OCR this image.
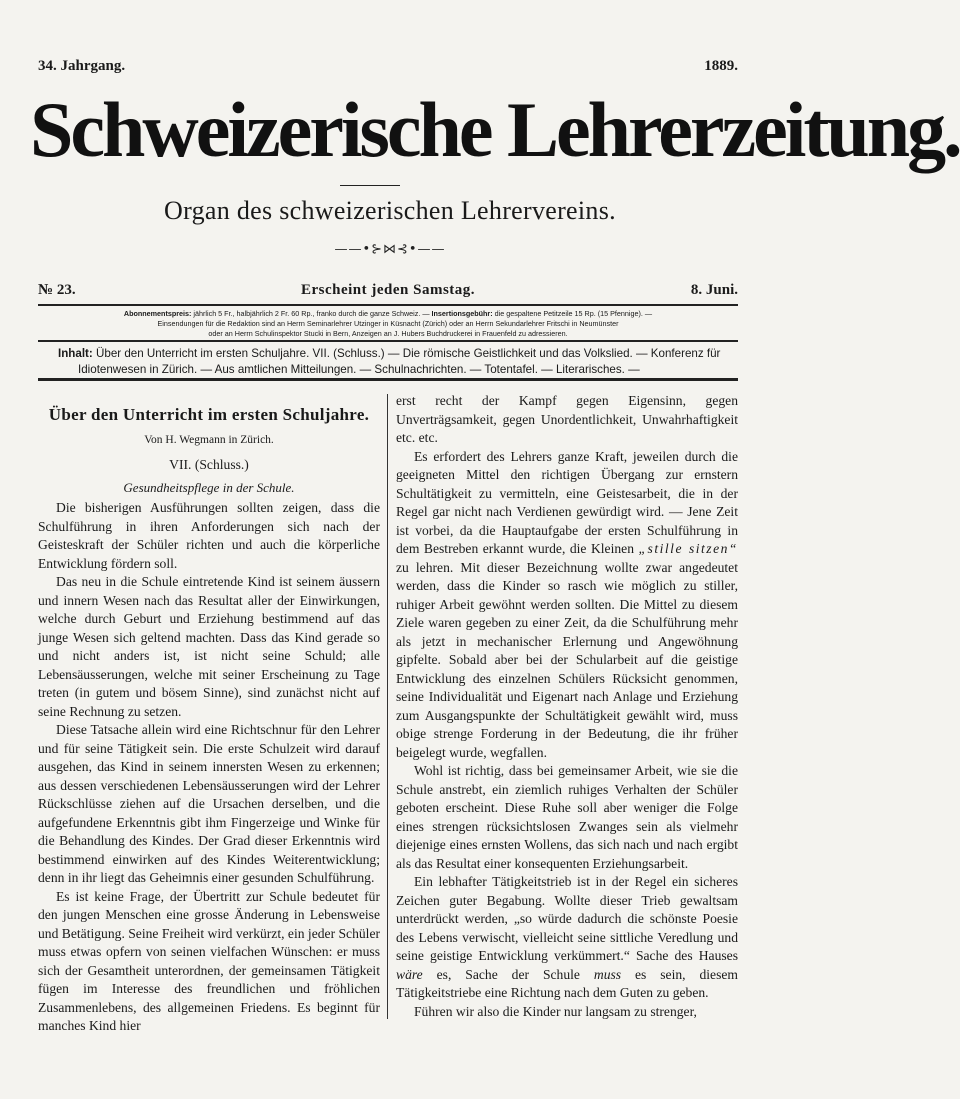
34. Jahrgang.	1889.
Schweizerische Lehrerzeitung.
Organ des schweizerischen Lehrervereins.
——•⊱⋈⊰•——
№ 23.	Erscheint jeden Samstag.	8. Juni.
Abonnementspreis: jährlich 5 Fr., halbjährlich 2 Fr. 60 Rp., franko durch die ganze Schweiz. — Insertionsgebühr: die gespaltene Petitzeile 15 Rp. (15 Pfennige). —
Einsendungen für die Redaktion sind an Herrn Seminarlehrer Utzinger in Küsnacht (Zürich) oder an Herrn Sekundarlehrer Fritschi in Neumünster
oder an Herrn Schulinspektor Stucki in Bern, Anzeigen an J. Hubers Buchdruckerei in Frauenfeld zu adressieren.
Inhalt: Über den Unterricht im ersten Schuljahre. VII. (Schluss.) — Die römische Geistlichkeit und das Volkslied. — Konferenz für Idiotenwesen in Zürich. — Aus amtlichen Mitteilungen. — Schulnachrichten. — Totentafel. — Literarisches. —
Über den Unterricht im ersten Schuljahre.
Von H. Wegmann in Zürich.
VII. (Schluss.)
Gesundheitspflege in der Schule.

Die bisherigen Ausführungen sollten zeigen, dass die Schulführung in ihren Anforderungen sich nach der Geisteskraft der Schüler richten und auch die körperliche Entwicklung fördern soll.

Das neu in die Schule eintretende Kind ist seinem äussern und innern Wesen nach das Resultat aller der Einwirkungen, welche durch Geburt und Erziehung bestimmend auf das junge Wesen sich geltend machten. Dass das Kind gerade so und nicht anders ist, ist nicht seine Schuld; alle Lebensäusserungen, welche mit seiner Erscheinung zu Tage treten (in gutem und bösem Sinne), sind zunächst nicht auf seine Rechnung zu setzen.

Diese Tatsache allein wird eine Richtschnur für den Lehrer und für seine Tätigkeit sein. Die erste Schulzeit wird darauf ausgehen, das Kind in seinem innersten Wesen zu erkennen; aus dessen verschiedenen Lebensäusserungen wird der Lehrer Rückschlüsse ziehen auf die Ursachen derselben, und die aufgefundene Erkenntnis gibt ihm Fingerzeige und Winke für die Behandlung des Kindes. Der Grad dieser Erkenntnis wird bestimmend einwirken auf des Kindes Weiterentwicklung; denn in ihr liegt das Geheimnis einer gesunden Schulführung.

Es ist keine Frage, der Übertritt zur Schule bedeutet für den jungen Menschen eine grosse Änderung in Lebensweise und Betätigung. Seine Freiheit wird verkürzt, ein jeder Schüler muss etwas opfern von seinen vielfachen Wünschen: er muss sich der Gesamtheit unterordnen, der gemeinsamen Tätigkeit fügen im Interesse des freundlichen und fröhlichen Zusammenlebens, des allgemeinen Friedens. Es beginnt für manches Kind hier

erst recht der Kampf gegen Eigensinn, gegen Unverträgsamkeit, gegen Unordentlichkeit, Unwahrhaftigkeit etc. etc.

Es erfordert des Lehrers ganze Kraft, jeweilen durch die geeigneten Mittel den richtigen Übergang zur ernstern Schultätigkeit zu vermitteln, eine Geistesarbeit, die in der Regel gar nicht nach Verdienen gewürdigt wird. — Jene Zeit ist vorbei, da die Hauptaufgabe der ersten Schulführung in dem Bestreben erkannt wurde, die Kleinen „stille sitzen“ zu lehren. Mit dieser Bezeichnung wollte zwar angedeutet werden, dass die Kinder so rasch wie möglich zu stiller, ruhiger Arbeit gewöhnt werden sollten. Die Mittel zu diesem Ziele waren gegeben zu einer Zeit, da die Schulführung mehr als jetzt in mechanischer Erlernung und Angewöhnung gipfelte. Sobald aber bei der Schularbeit auf die geistige Entwicklung des einzelnen Schülers Rücksicht genommen, seine Individualität und Eigenart nach Anlage und Erziehung zum Ausgangspunkte der Schultätigkeit gewählt wird, muss obige strenge Forderung in der Bedeutung, die ihr früher beigelegt wurde, wegfallen.

Wohl ist richtig, dass bei gemeinsamer Arbeit, wie sie die Schule anstrebt, ein ziemlich ruhiges Verhalten der Schüler geboten erscheint. Diese Ruhe soll aber weniger die Folge eines strengen rücksichtslosen Zwanges sein als vielmehr diejenige eines ernsten Wollens, das sich nach und nach ergibt als das Resultat einer konsequenten Erziehungsarbeit.

Ein lebhafter Tätigkeitstrieb ist in der Regel ein sicheres Zeichen guter Begabung. Wollte dieser Trieb gewaltsam unterdrückt werden, „so würde dadurch die schönste Poesie des Lebens verwischt, vielleicht seine sittliche Veredlung und seine geistige Entwicklung verkümmert.“ Sache des Hauses wäre es, Sache der Schule muss es sein, diesem Tätigkeitstriebe eine Richtung nach dem Guten zu geben.

Führen wir also die Kinder nur langsam zu strenger,
